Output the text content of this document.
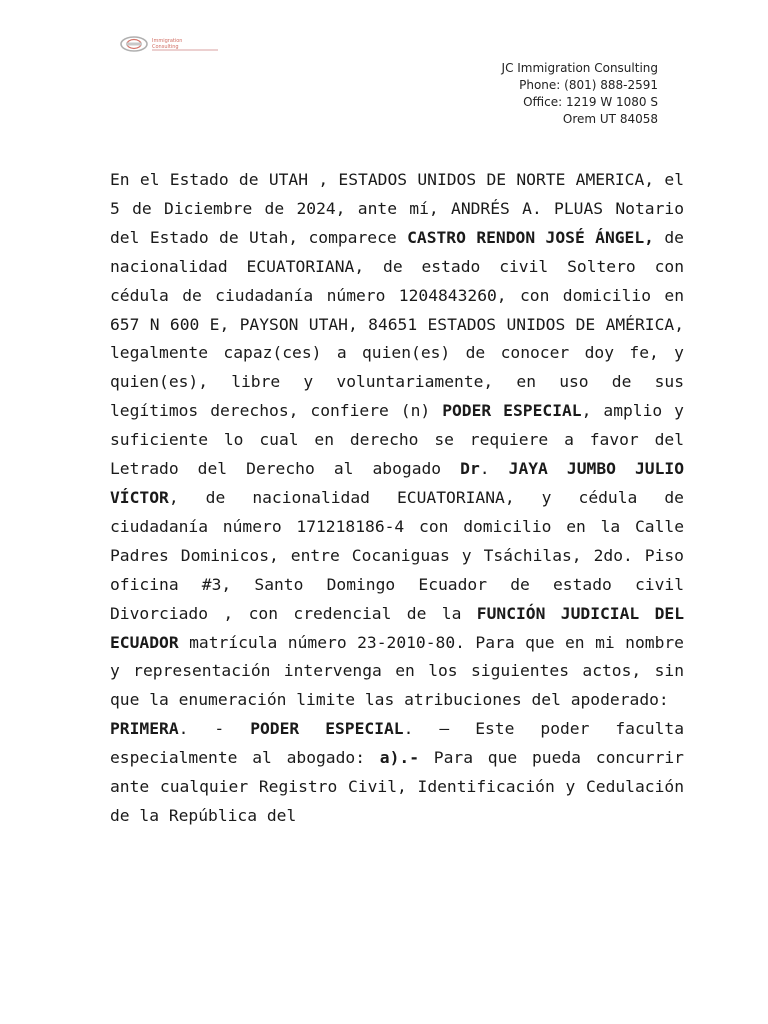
Immigration
Consulting
JC Immigration Consulting
Phone: (801) 888-2591
Office: 1219 W 1080 S
Orem UT 84058

En el Estado de UTAH , ESTADOS UNIDOS DE NORTE AMERICA, el 5 de Diciembre de 2024, ante mí, ANDRÉS A. PLUAS Notario del Estado de Utah, comparece CASTRO RENDON JOSÉ ÁNGEL, de nacionalidad ECUATORIANA, de estado civil Soltero con cédula de ciudadanía número 1204843260, con domicilio en 657 N 600 E, PAYSON UTAH, 84651 ESTADOS UNIDOS DE AMÉRICA, legalmente capaz(ces) a quien(es) de conocer doy fe, y quien(es), libre y voluntariamente, en uso de sus legítimos derechos, confiere (n) PODER ESPECIAL, amplio y suficiente lo cual en derecho se requiere a favor del Letrado del Derecho al abogado Dr. JAYA JUMBO JULIO VÍCTOR, de nacionalidad ECUATORIANA, y cédula de ciudadanía número 171218186-4 con domicilio en la Calle Padres Dominicos, entre Cocaniguas y Tsáchilas, 2do. Piso oficina #3, Santo Domingo Ecuador de estado civil Divorciado , con credencial de la FUNCIÓN JUDICIAL DEL ECUADOR matrícula número 23-2010-80. Para que en mi nombre y representación intervenga en los siguientes actos, sin que la enumeración limite las atribuciones del apoderado:

PRIMERA. - PODER ESPECIAL. – Este poder faculta especialmente al abogado: a).- Para que pueda concurrir ante cualquier Registro Civil, Identificación y Cedulación de la República del
